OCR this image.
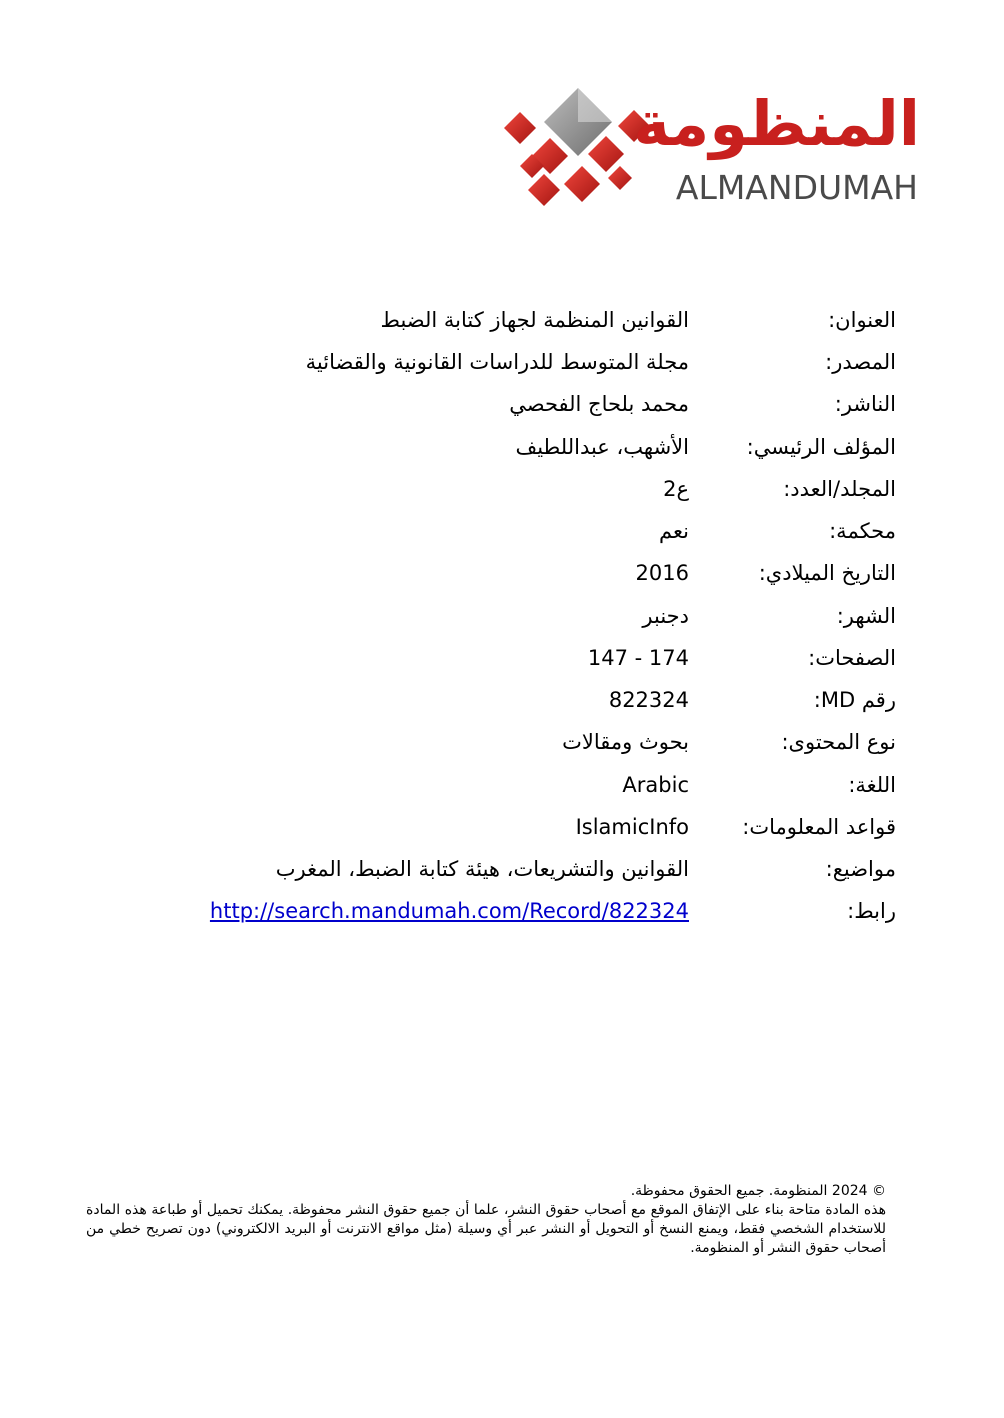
المنظومة
ALMANDUMAH
العنوان:
القوانين المنظمة لجهاز كتابة الضبط
المصدر:
مجلة المتوسط للدراسات القانونية والقضائية
الناشر:
محمد بلحاج الفحصي
المؤلف الرئيسي:
الأشهب، عبداللطيف
المجلد/العدد:
ع2
محكمة:
نعم
التاريخ الميلادي:
2016
الشهر:
دجنبر
الصفحات:
147 - 174
رقم MD:
822324
نوع المحتوى:
بحوث ومقالات
اللغة:
Arabic
قواعد المعلومات:
IslamicInfo
مواضيع:
القوانين والتشريعات، هيئة كتابة الضبط، المغرب
رابط:
http://search.mandumah.com/Record/822324

© 2024 المنظومة. جميع الحقوق محفوظة.

هذه المادة متاحة بناء على الإتفاق الموقع مع أصحاب حقوق النشر، علما أن جميع حقوق النشر محفوظة. يمكنك تحميل أو طباعة هذه المادة للاستخدام الشخصي فقط، ويمنع النسخ أو التحويل أو النشر عبر أي وسيلة (مثل مواقع الانترنت أو البريد الالكتروني) دون تصريح خطي من أصحاب حقوق النشر أو المنظومة.
